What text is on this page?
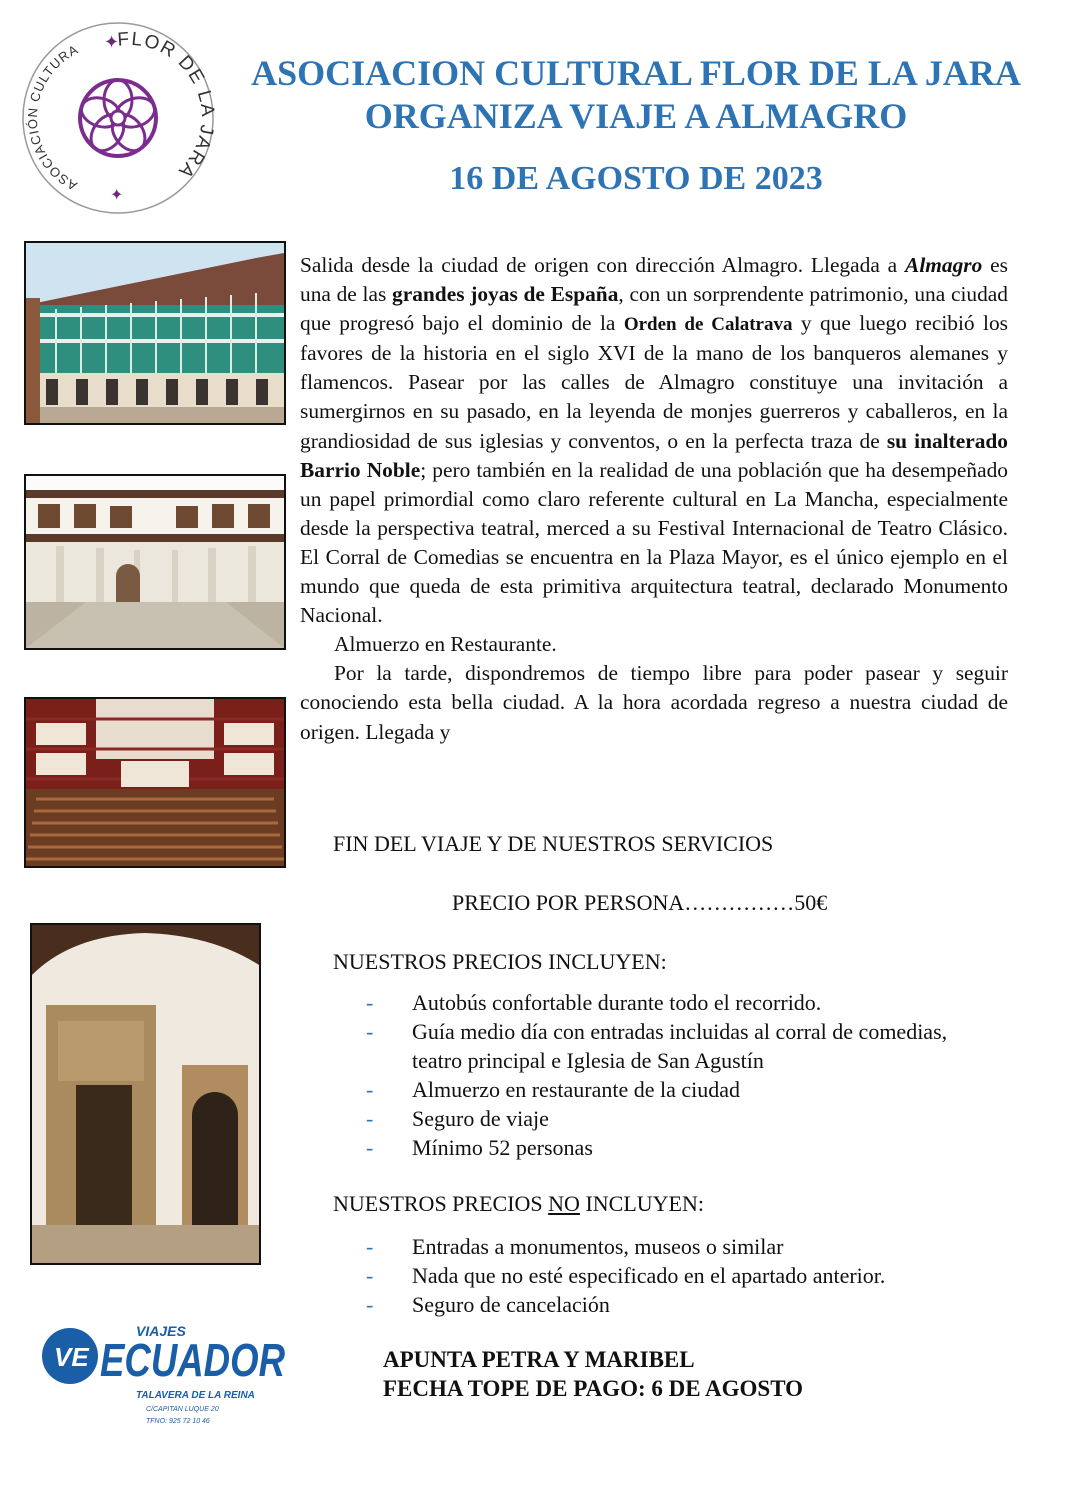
FLOR DE LA JARA
ASOCIACIÓN CULTURA ✦
✦
ASOCIACION CULTURAL FLOR DE LA JARA
ORGANIZA VIAJE A ALMAGRO
16 DE AGOSTO DE 2023

Salida desde la ciudad de origen con dirección Almagro. Llegada a Almagro es una de las grandes joyas de España, con un sorprendente patrimonio, una ciudad que progresó bajo el dominio de la Orden de Calatrava y que luego recibió los favores de la historia en el siglo XVI de la mano de los banqueros alemanes y flamencos. Pasear por las calles de Almagro constituye una invitación a sumergirnos en su pasado, en la leyenda de monjes guerreros y caballeros, en la grandiosidad de sus iglesias y conventos, o en la perfecta traza de su inalterado Barrio Noble; pero también en la realidad de una población que ha desempeñado un papel primordial como claro referente cultural en La Mancha, especialmente desde la perspectiva teatral, merced a su Festival Internacional de Teatro Clásico. El Corral de Comedias se encuentra en la Plaza Mayor, es el único ejemplo en el mundo que queda de esta primitiva arquitectura teatral, declarado Monumento Nacional.

Almuerzo en Restaurante.

Por la tarde, dispondremos de tiempo libre para poder pasear y seguir conociendo esta bella ciudad. A la hora acordada regreso a nuestra ciudad de origen. Llegada y

FIN DEL VIAJE Y DE NUESTROS SERVICIOS
PRECIO POR PERSONA……………50€
NUESTROS PRECIOS INCLUYEN:
- Autobús confortable durante todo el recorrido.
- Guía medio día con entradas incluidas al corral de comedias, teatro principal e Iglesia de San Agustín
- Almuerzo en restaurante de la ciudad
- Seguro de viaje
- Mínimo 52 personas
NUESTROS PRECIOS NO INCLUYEN:
- Entradas a monumentos, museos o similar
- Nada que no esté especificado en el apartado anterior.
- Seguro de cancelación
APUNTA PETRA Y MARIBEL
FECHA TOPE DE PAGO: 6 DE AGOSTO
VE
VIAJES
ECUADOR
TALAVERA DE LA REINA
C/CAPITAN LUQUE 20
TFNO: 925 72 10 46
